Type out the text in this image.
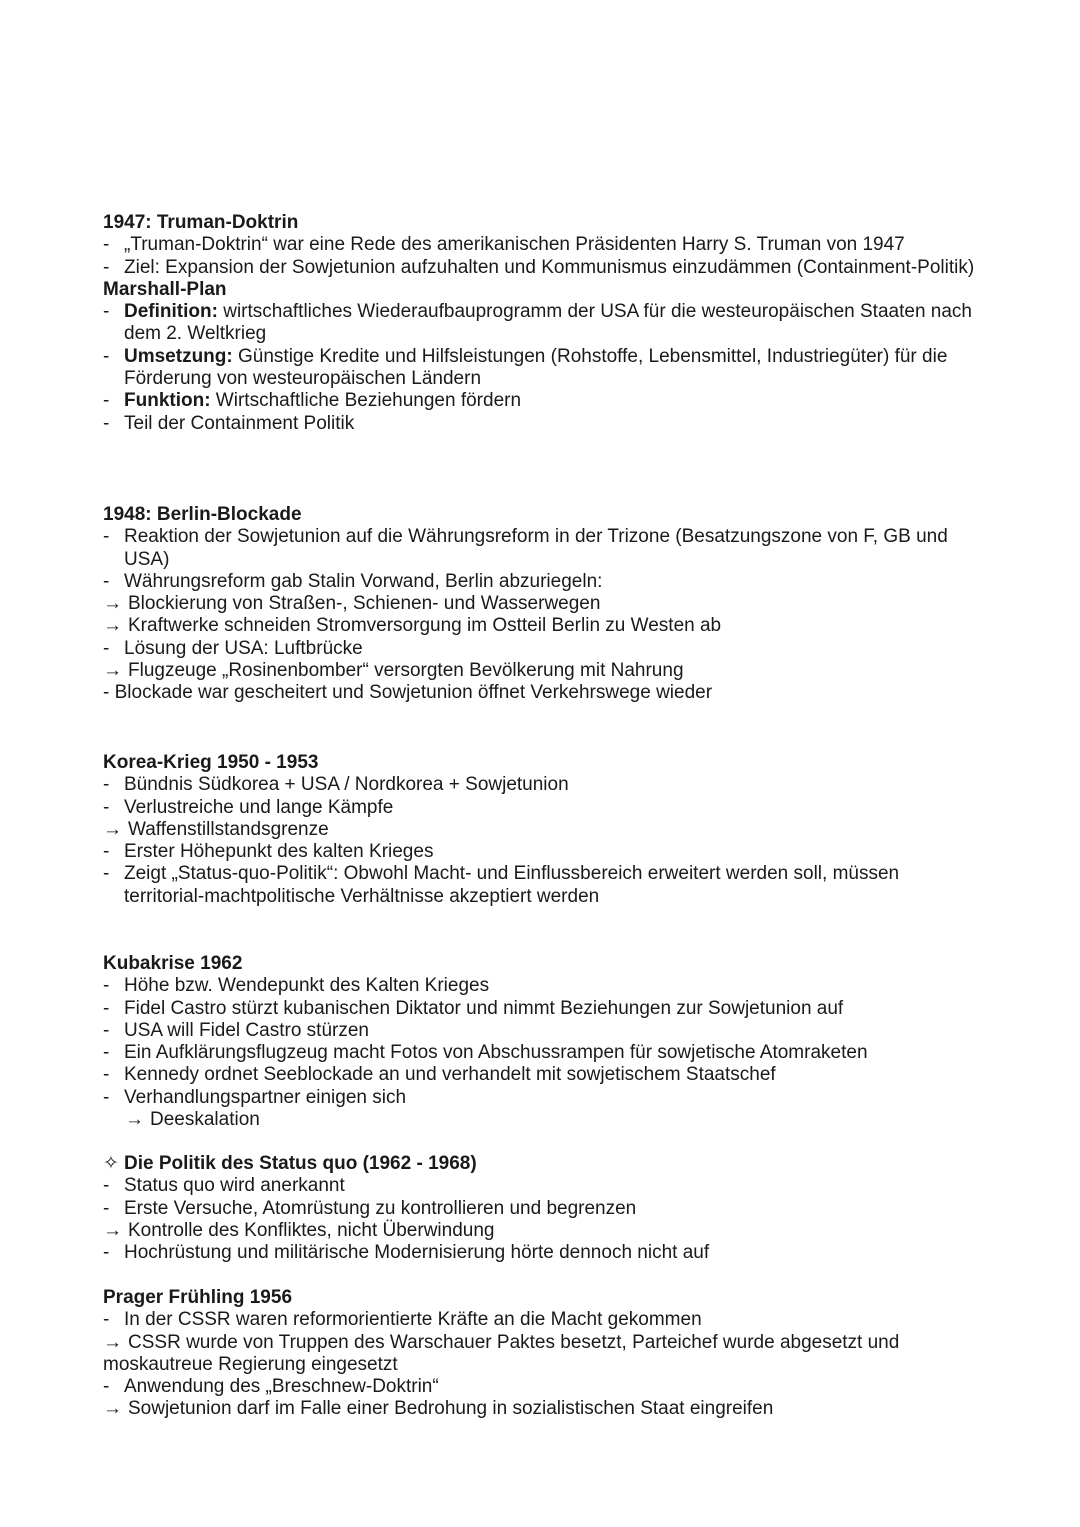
1947: Truman-Doktrin
- „Truman-Doktrin“ war eine Rede des amerikanischen Präsidenten Harry S. Truman von 1947
- Ziel: Expansion der Sowjetunion aufzuhalten und Kommunismus einzudämmen (Containment-Politik)
Marshall-Plan
- Definition: wirtschaftliches Wiederaufbauprogramm der USA für die westeuropäischen Staaten nach dem 2. Weltkrieg
- Umsetzung: Günstige Kredite und Hilfsleistungen (Rohstoffe, Lebensmittel, Industriegüter) für die Förderung von westeuropäischen Ländern
- Funktion: Wirtschaftliche Beziehungen fördern
- Teil der Containment Politik
1948: Berlin-Blockade
- Reaktion der Sowjetunion auf die Währungsreform in der Trizone (Besatzungszone von F, GB und USA)
- Währungsreform gab Stalin Vorwand, Berlin abzuriegeln:
→ Blockierung von Straßen-, Schienen- und Wasserwegen
→ Kraftwerke schneiden Stromversorgung im Ostteil Berlin zu Westen ab
- Lösung der USA: Luftbrücke
→ Flugzeuge „Rosinenbomber“ versorgten Bevölkerung mit Nahrung
- Blockade war gescheitert und Sowjetunion öffnet Verkehrswege wieder
Korea-Krieg 1950 - 1953
- Bündnis Südkorea + USA / Nordkorea + Sowjetunion
- Verlustreiche und lange Kämpfe
→ Waffenstillstandsgrenze
- Erster Höhepunkt des kalten Krieges
- Zeigt „Status-quo-Politik“: Obwohl Macht- und Einflussbereich erweitert werden soll, müssen territorial-machtpolitische Verhältnisse akzeptiert werden
Kubakrise 1962
- Höhe bzw. Wendepunkt des Kalten Krieges
- Fidel Castro stürzt kubanischen Diktator und nimmt Beziehungen zur Sowjetunion auf
- USA will Fidel Castro stürzen
- Ein Aufklärungsflugzeug macht Fotos von Abschussrampen für sowjetische Atomraketen
- Kennedy ordnet Seeblockade an und verhandelt mit sowjetischem Staatschef
- Verhandlungspartner einigen sich
→ Deeskalation
✧ Die Politik des Status quo (1962 - 1968)
- Status quo wird anerkannt
- Erste Versuche, Atomrüstung zu kontrollieren und begrenzen
→ Kontrolle des Konfliktes, nicht Überwindung
- Hochrüstung und militärische Modernisierung hörte dennoch nicht auf
Prager Frühling 1956
- In der CSSR waren reformorientierte Kräfte an die Macht gekommen
→ CSSR wurde von Truppen des Warschauer Paktes besetzt, Parteichef wurde abgesetzt und moskautreue Regierung eingesetzt
- Anwendung des „Breschnew-Doktrin“
→ Sowjetunion darf im Falle einer Bedrohung in sozialistischen Staat eingreifen
